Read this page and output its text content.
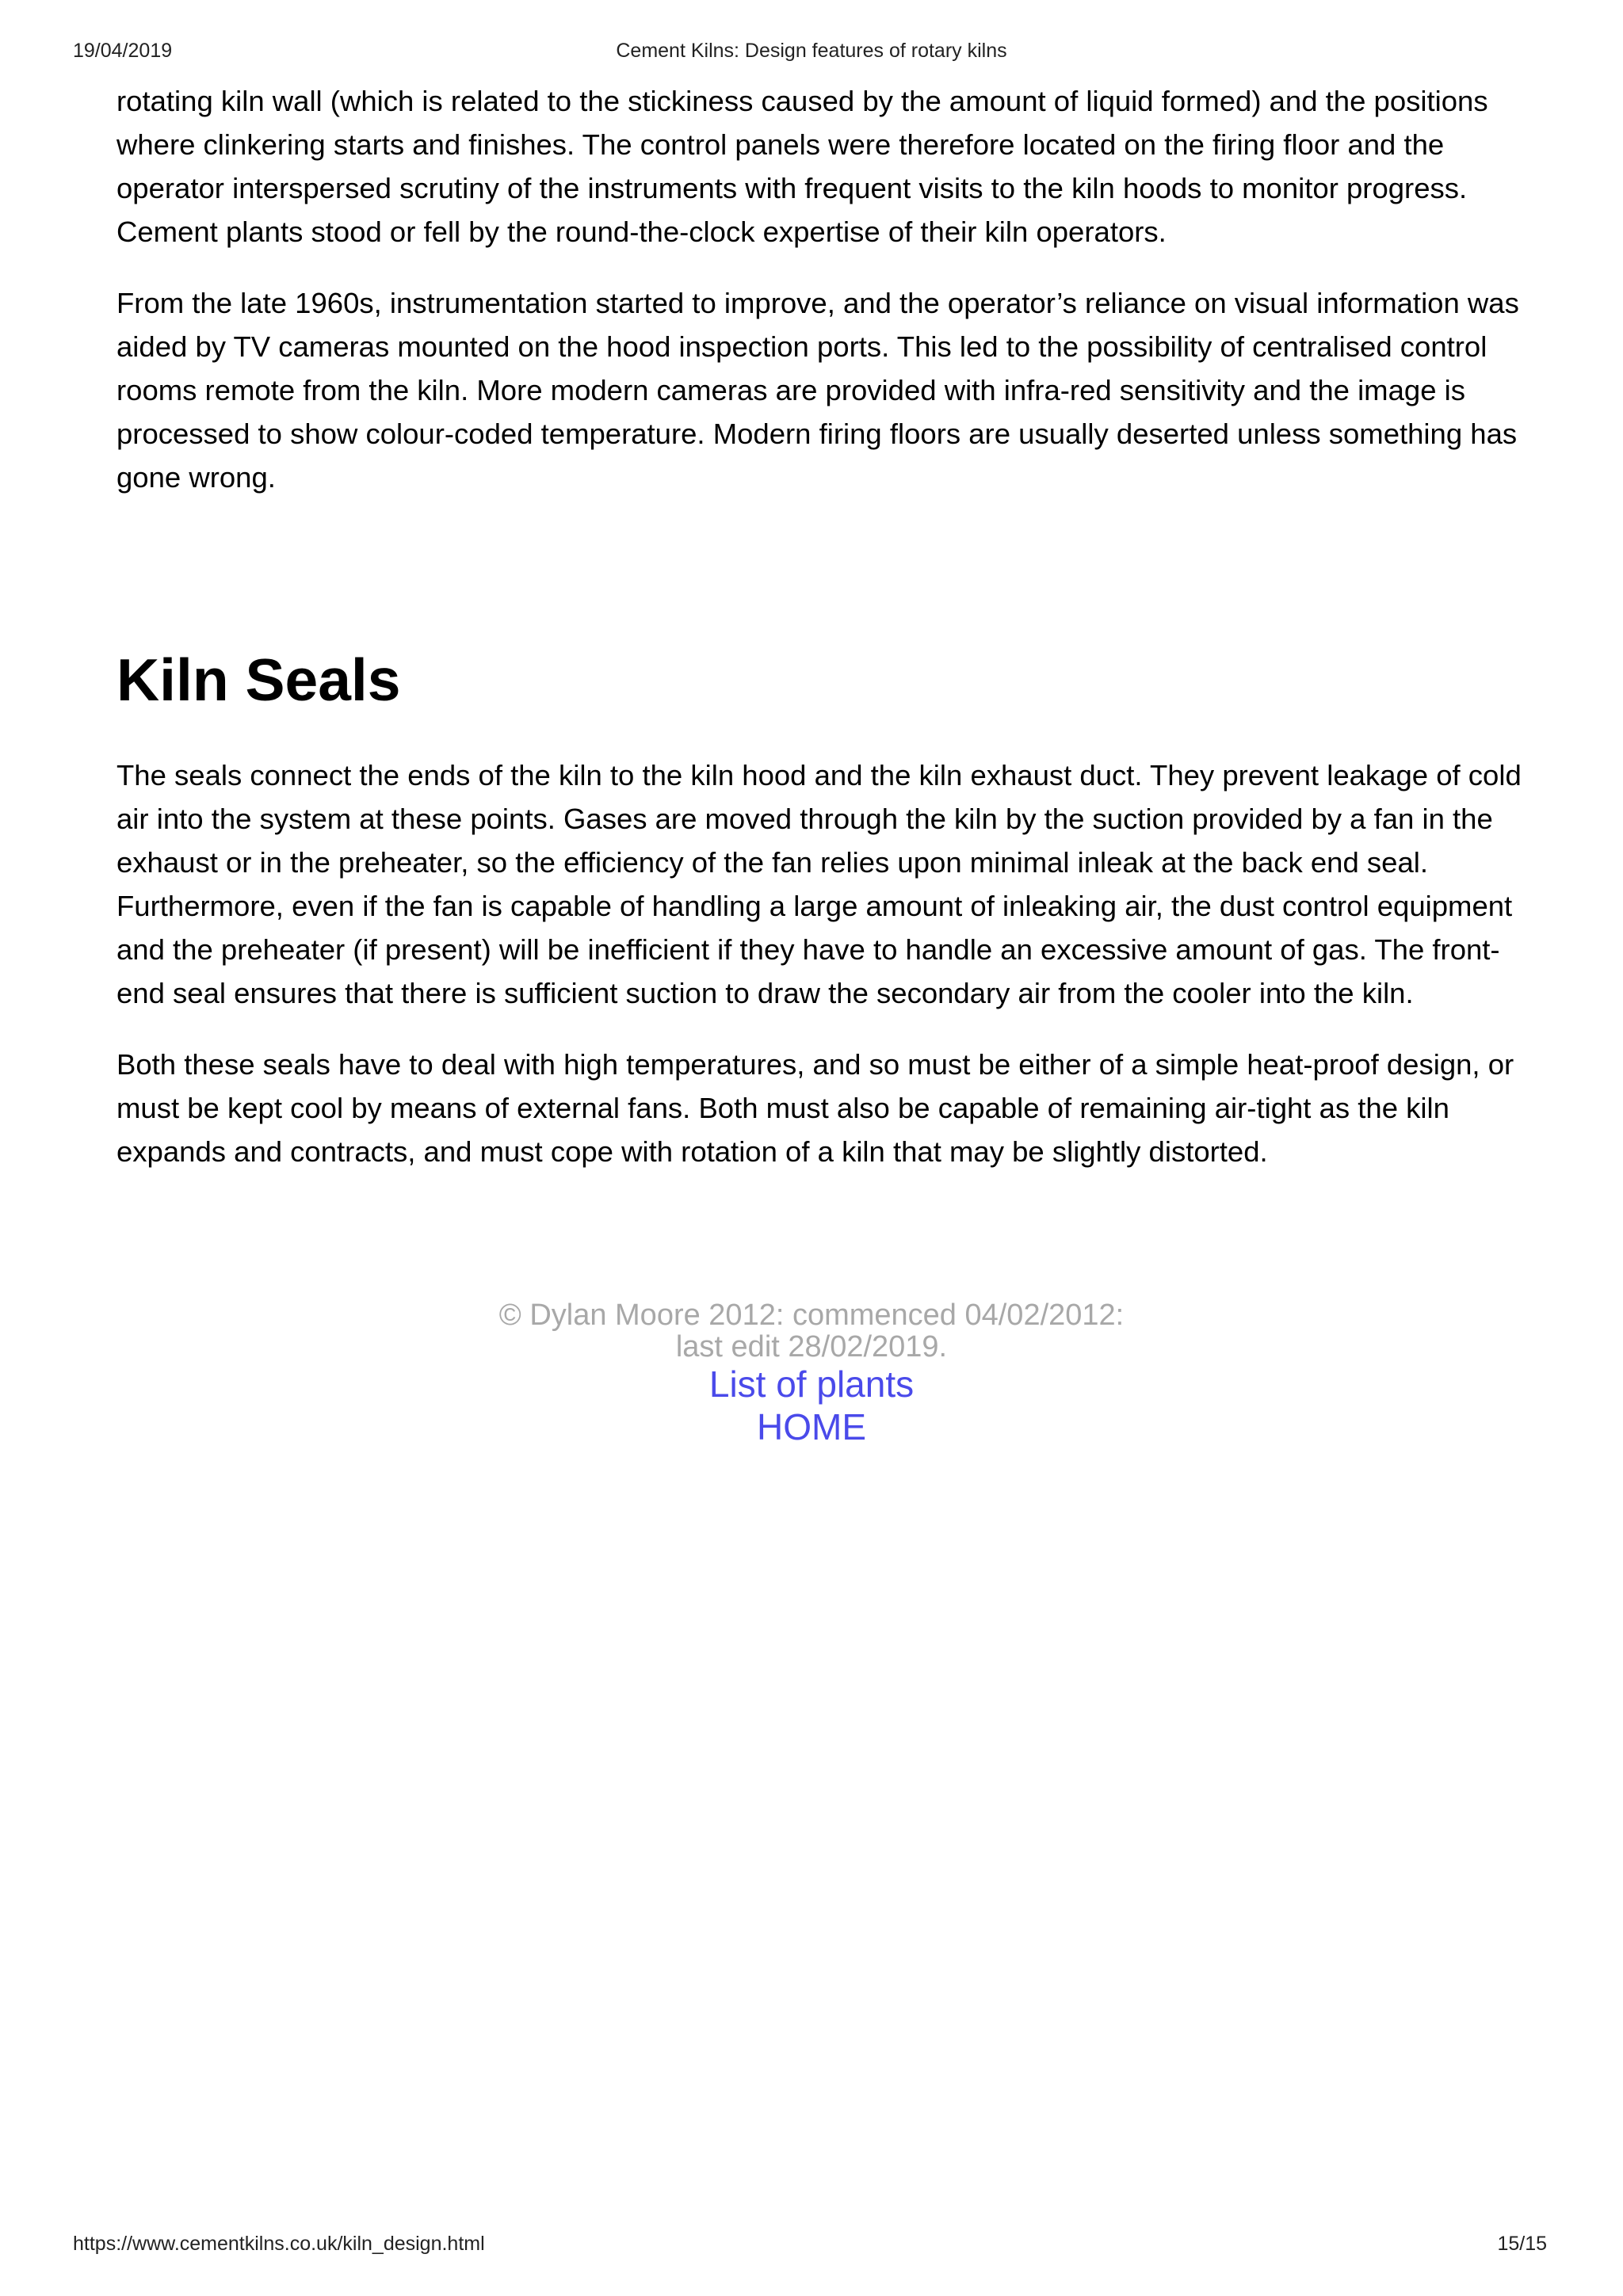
19/04/2019	Cement Kilns: Design features of rotary kilns

rotating kiln wall (which is related to the stickiness caused by the amount of liquid formed) and the positions where clinkering starts and finishes. The control panels were therefore located on the firing floor and the operator interspersed scrutiny of the instruments with frequent visits to the kiln hoods to monitor progress. Cement plants stood or fell by the round-the-clock expertise of their kiln operators.

From the late 1960s, instrumentation started to improve, and the operator’s reliance on visual information was aided by TV cameras mounted on the hood inspection ports. This led to the possibility of centralised control rooms remote from the kiln. More modern cameras are provided with infra-red sensitivity and the image is processed to show colour-coded temperature. Modern firing floors are usually deserted unless something has gone wrong.

Kiln Seals

The seals connect the ends of the kiln to the kiln hood and the kiln exhaust duct. They prevent leakage of cold air into the system at these points. Gases are moved through the kiln by the suction provided by a fan in the exhaust or in the preheater, so the efficiency of the fan relies upon minimal inleak at the back end seal. Furthermore, even if the fan is capable of handling a large amount of inleaking air, the dust control equipment and the preheater (if present) will be inefficient if they have to handle an excessive amount of gas. The front-end seal ensures that there is sufficient suction to draw the secondary air from the cooler into the kiln.

Both these seals have to deal with high temperatures, and so must be either of a simple heat-proof design, or must be kept cool by means of external fans. Both must also be capable of remaining air-tight as the kiln expands and contracts, and must cope with rotation of a kiln that may be slightly distorted.

© Dylan Moore 2012: commenced 04/02/2012:
last edit 28/02/2019.
List of plants
HOME
https://www.cementkilns.co.uk/kiln_design.html	15/15
